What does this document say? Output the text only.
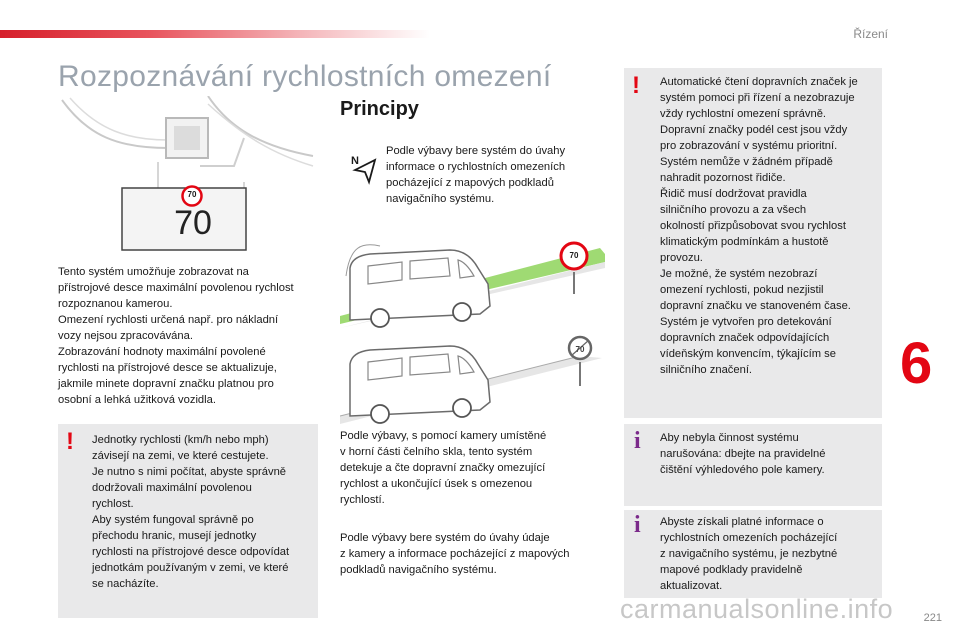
Řízení
Rozpoznávání rychlostních omezení
70
70
Tento systém umožňuje zobrazovat na
přístrojové desce maximální povolenou rychlost
rozpoznanou kamerou.
Omezení rychlosti určená např. pro nákladní
vozy nejsou zpracovávána.
Zobrazování hodnoty maximální povolené
rychlosti na přístrojové desce se aktualizuje,
jakmile minete dopravní značku platnou pro
osobní a lehká užitková vozidla.
! Jednotky rychlosti (km/h nebo mph)
závisejí na zemi, ve které cestujete.
Je nutno s nimi počítat, abyste správně
dodržovali maximální povolenou
rychlost.
Aby systém fungoval správně po
přechodu hranic, musejí jednotky
rychlosti na přístrojové desce odpovídat
jednotkám používaným v zemi, ve které
se nacházíte.
Principy
N
Podle výbavy bere systém do úvahy
informace o rychlostních omezeních
pocházející z mapových podkladů
navigačního systému.
70
70
Podle výbavy, s pomocí kamery umístěné
v horní části čelního skla, tento systém
detekuje a čte dopravní značky omezující
rychlost a ukončující úsek s omezenou
rychlostí.
Podle výbavy bere systém do úvahy údaje
z kamery a informace pocházející z mapových
podkladů navigačního systému.
! Automatické čtení dopravních značek je
systém pomoci při řízení a nezobrazuje
vždy rychlostní omezení správně.
Dopravní značky podél cest jsou vždy
pro zobrazování v systému prioritní.
Systém nemůže v žádném případě
nahradit pozornost řidiče.
Řidič musí dodržovat pravidla
silničního provozu a za všech
okolností přizpůsobovat svou rychlost
klimatickým podmínkám a hustotě
provozu.
Je možné, že systém nezobrazí
omezení rychlosti, pokud nezjistil
dopravní značku ve stanoveném čase.
Systém je vytvořen pro detekování
dopravních značek odpovídajících
vídeňským konvencím, týkajícím se
silničního značení.
i Aby nebyla činnost systému
narušována: dbejte na pravidelné
čištění výhledového pole kamery.
i Abyste získali platné informace o
rychlostních omezeních pocházející
z navigačního systému, je nezbytné
mapové podklady pravidelně
aktualizovat.
6
carmanualsonline.info	221
